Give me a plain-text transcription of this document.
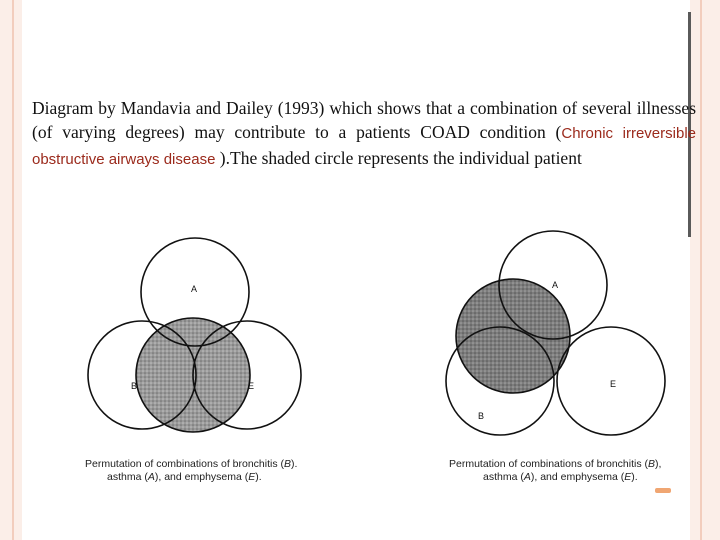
Diagram by Mandavia and Dailey (1993) which shows that a combination of several illnesses (of varying degrees) may contribute to a patients COAD condition (Chronic irreversible obstructive airways disease ).The shaded circle represents the individual patient
A
B	E
Permutation of combinations of bronchitis (B).
asthma (A), and emphysema (E).
A
B
E
Permutation of combinations of bronchitis (B),
asthma (A), and emphysema (E).
